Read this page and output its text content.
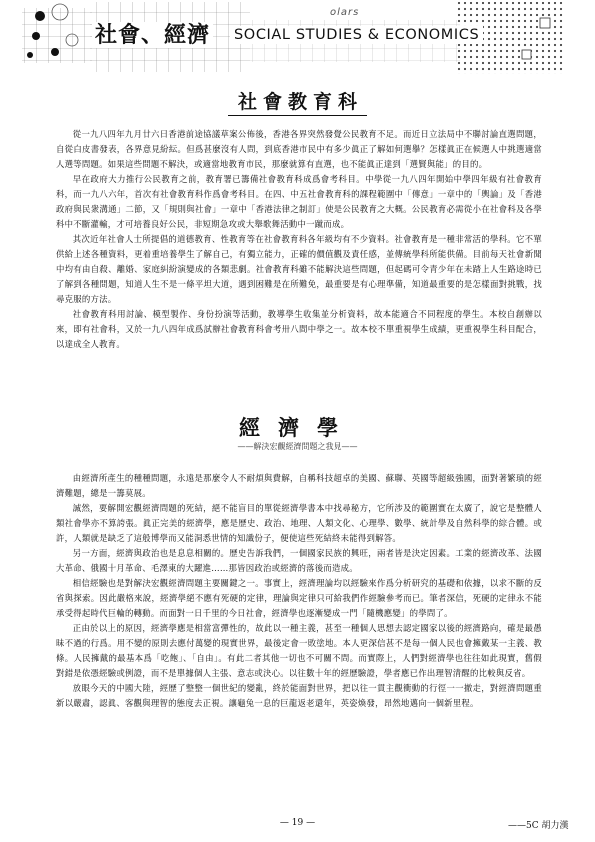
olars
社會、經濟 SOCIAL STUDIES & ECONOMICS
社會教育科

從一九八四年九月廿六日香港前途協議草案公佈後，香港各界突然發覺公民教育不足。而近日立法局中不聯討論直選問題，自從白皮書發表，各界意見紛紜。但爲甚麼沒有人問，到底香港市民中有多少眞正了解如何選擧？怎樣眞正在候選人中挑選適當人選等問題。如果這些問題不解決，或適當地教育市民，那麼就算有直選，也不能眞正達到「選賢與能」的目的。

早在政府大力推行公民教育之前，教育署已籌備社會教育科成爲會考科目。中學從一九八四年開始中學四年級有社會教育科，而一九八六年，首次有社會教育科作爲會考科目。在四、中五社會教育科的課程範圍中「傳意」一章中的「輿論」及「香港政府與民衆溝通」二節，又「規則與社會」一章中「香港法律之制訂」使是公民教育之大概。公民教育必需從小在社會科及各學科中不斷灌輸，才可培養良好公民，非短期急攻或大舉歌舞活動中一蹴而成。

其次近年社會人士所提倡的道德教育、性教育等在社會教育科各年級均有不少資料。社會教育是一種非常活的學科。它不單供給上述各種資料，更着重培養學生了解自己，有獨立能力，正確的價值觀及責任感，並傳統學科所能供備。目前每天社會新聞中均有由自殺、離婚、家庭糾紛演變成的各類悲劇。社會教育科雖不能解決這些問題，但起碼可令青少年在未踏上人生路途時已了解到各種問題，知道人生不是一條平坦大道，遇到困難是在所難免，最重要是有心理準備，知道最重要的是怎樣面對挑戰，找尋克服的方法。

社會教育科用討論、模型製作、身份扮演等活動，教導學生收集並分析資料，故本能適合不同程度的學生。本校自創辦以來，即有社會科，又於一九八四年成爲試辦社會教育科會考卅八間中學之一。故本校不單重視學生成績，更重視學生科目配合，以達成全人教育。

經濟學
——解決宏觀經濟問題之我見——

由經濟所產生的種種問題，永遠是那麼令人不耐煩與費解，自稱科技超卓的美國、蘇聯、英國等超級強國，面對著繁瑣的經濟難題，總是一籌莫展。

誠然，要解開宏觀經濟問題的死結，絕不能盲目的單從經濟學書本中找尋秘方，它所涉及的範圍實在太廣了，說它是整體人類社會學亦不算誇張。眞正完美的經濟學，應是歷史、政治、地理、人類文化、心理學、數學、統計學及自然科學的綜合體。或許，人類就是缺乏了這般博學而又能洞悉世情的知識份子，便使這些死結終未能得到解答。

另一方面，經濟與政治也是息息相關的。歷史告訴我們，一個國家民族的興旺，兩者皆是決定因素。工業的經濟改革、法國大革命、俄國十月革命、毛澤東的大躍進……那皆因政治或經濟的落後而造成。

相信經驗也是對解決宏觀經濟問題主要關鍵之一。事實上，經濟理論均以經驗來作爲分析研究的基礎和依據，以求不斷的反省與探索。因此嚴格來說，經濟學絕不應有死硬的定律，理論與定律只可給我們作經驗參考而已。筆者深信，死硬的定律永不能承受得起時代巨輪的轉動。而面對一日千里的今日社會，經濟學也逐漸變成一門「隨機應變」的學問了。

正由於以上的原因，經濟學應是相當富彈性的，故此以一種主義，甚至一種個人思想去認定國家以後的經濟路向，確是最愚昧不過的行爲。用不變的原則去應付萬變的現實世界，最後定會一敗塗地。本人更深信甚不是每一個人民也會擁戴某一主義、教條。人民擁戴的最基本爲「吃飽」、「自由」。有此二者其他一切也不可關不問。而實際上，人們對經濟學也往往如此現實，舊假對錯是依憑經驗或例證，而不是單據個人主張、意志或決心。以往數十年的經歷驗證，學者應已作出理智清醒的比較與反省。

放眼今天的中國大陸，經歷了整整一個世紀的變亂，終於能面對世界，把以往一貫主觀衝動的行徑一一撤走，對經濟問題重新以嚴肅，認眞、客觀與理智的態度去正視。讓龜兔一息的巨龍返老還年，英姿煥發，昂然地邁向一個新里程。

— 19 —	——5C 胡力漢
